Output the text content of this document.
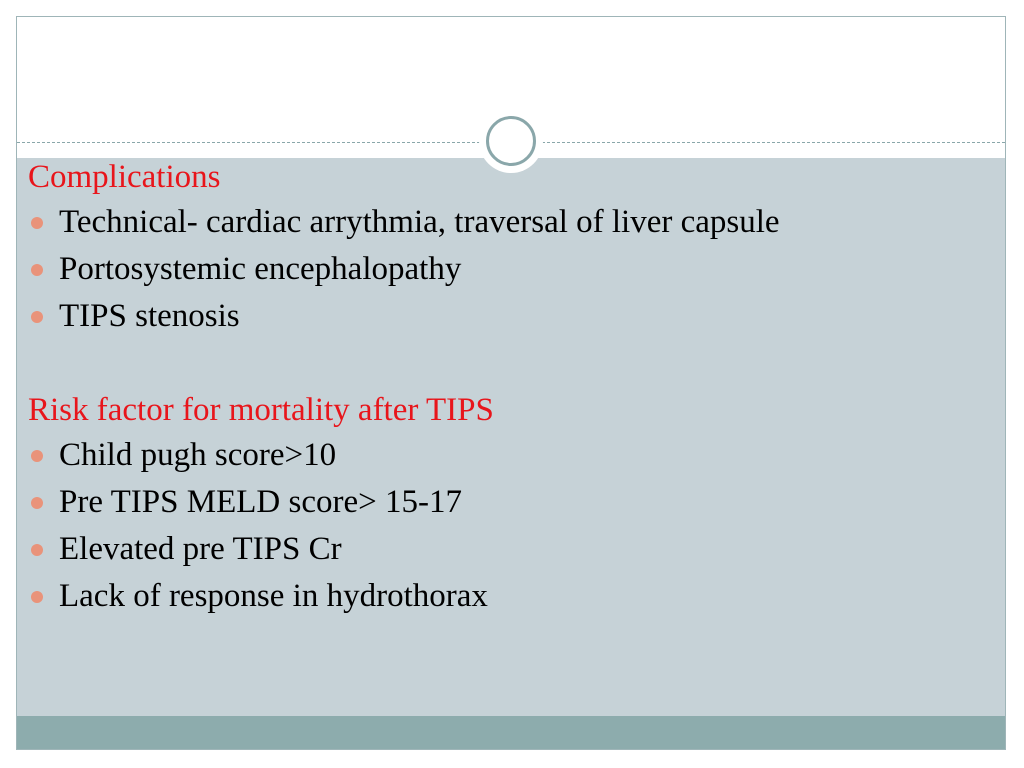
Complications
Technical- cardiac arrythmia, traversal of liver capsule
Portosystemic encephalopathy
TIPS stenosis
Risk factor for mortality after TIPS
Child pugh score>10
Pre TIPS MELD score> 15-17
Elevated pre TIPS Cr
Lack of response in hydrothorax
